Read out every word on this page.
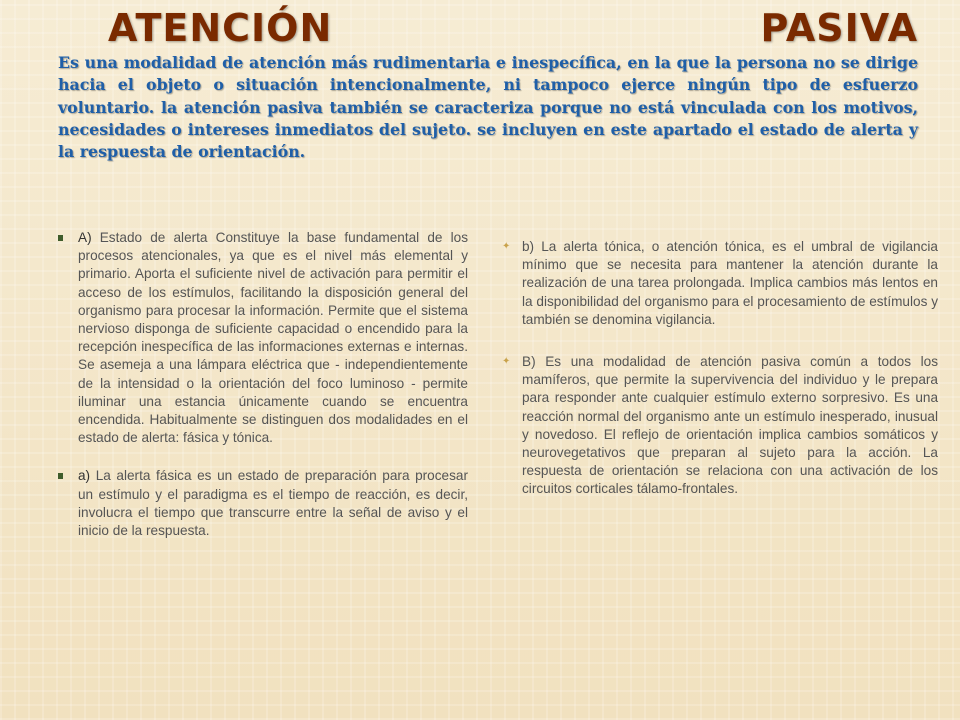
ATENCIÓN	PASIVA
Es una modalidad de atención más rudimentaria e inespecífica, en la que la persona no se dirige hacia el objeto o situación intencionalmente, ni tampoco ejerce ningún tipo de esfuerzo voluntario. la atención pasiva también se caracteriza porque no está vinculada con los motivos, necesidades o intereses inmediatos del sujeto. se incluyen en este apartado el estado de alerta y la respuesta de orientación.
A) Estado de alerta Constituye la base fundamental de los procesos atencionales, ya que es el nivel más elemental y primario. Aporta el suficiente nivel de activación para permitir el acceso de los estímulos, facilitando la disposición general del organismo para procesar la información. Permite que el sistema nervioso disponga de suficiente capacidad o encendido para la recepción inespecífica de las informaciones externas e internas. Se asemeja a una lámpara eléctrica que - independientemente de la intensidad o la orientación del foco luminoso - permite iluminar una estancia únicamente cuando se encuentra encendida. Habitualmente se distinguen dos modalidades en el estado de alerta: fásica y tónica.
a) La alerta fásica es un estado de preparación para procesar un estímulo y el paradigma es el tiempo de reacción, es decir, involucra el tiempo que transcurre entre la señal de aviso y el inicio de la respuesta.
✦ b) La alerta tónica, o atención tónica, es el umbral de vigilancia mínimo que se necesita para mantener la atención durante la realización de una tarea prolongada. Implica cambios más lentos en la disponibilidad del organismo para el procesamiento de estímulos y también se denomina vigilancia.
✦ B) Es una modalidad de atención pasiva común a todos los mamíferos, que permite la supervivencia del individuo y le prepara para responder ante cualquier estímulo externo sorpresivo. Es una reacción normal del organismo ante un estímulo inesperado, inusual y novedoso. El reflejo de orientación implica cambios somáticos y neurovegetativos que preparan al sujeto para la acción. La respuesta de orientación se relaciona con una activación de los circuitos corticales tálamo-frontales.
